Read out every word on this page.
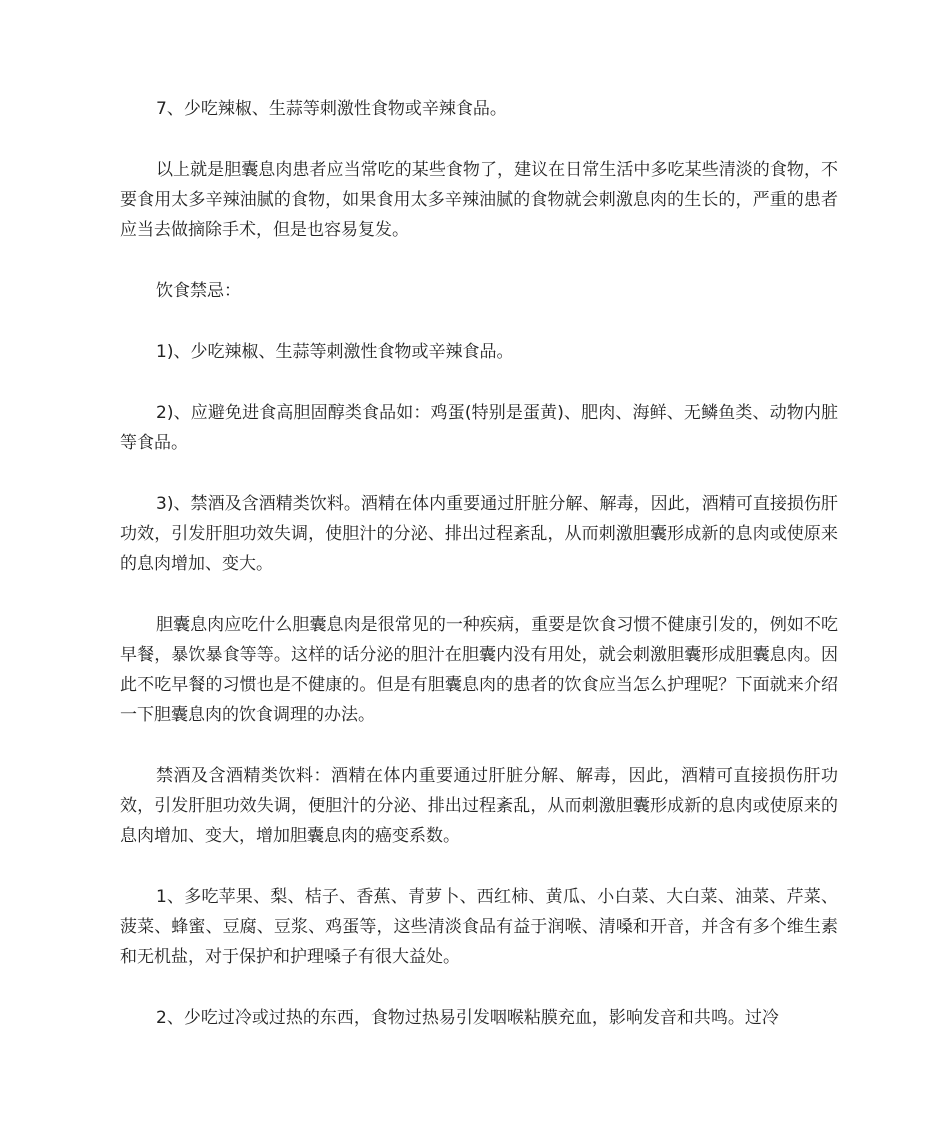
7、少吃辣椒、生蒜等刺激性食物或辛辣食品。

以上就是胆囊息肉患者应当常吃的某些食物了，建议在日常生活中多吃某些清淡的食物，不要食用太多辛辣油腻的食物，如果食用太多辛辣油腻的食物就会刺激息肉的生长的，严重的患者应当去做摘除手术，但是也容易复发。

饮食禁忌：

1)、少吃辣椒、生蒜等刺激性食物或辛辣食品。

2)、应避免进食高胆固醇类食品如：鸡蛋(特别是蛋黄)、肥肉、海鲜、无鳞鱼类、动物内脏等食品。

3)、禁酒及含酒精类饮料。酒精在体内重要通过肝脏分解、解毒，因此，酒精可直接损伤肝功效，引发肝胆功效失调，使胆汁的分泌、排出过程紊乱，从而刺激胆囊形成新的息肉或使原来的息肉增加、变大。

胆囊息肉应吃什么胆囊息肉是很常见的一种疾病，重要是饮食习惯不健康引发的，例如不吃早餐，暴饮暴食等等。这样的话分泌的胆汁在胆囊内没有用处，就会刺激胆囊形成胆囊息肉。因此不吃早餐的习惯也是不健康的。但是有胆囊息肉的患者的饮食应当怎么护理呢？下面就来介绍一下胆囊息肉的饮食调理的办法。

禁酒及含酒精类饮料：酒精在体内重要通过肝脏分解、解毒，因此，酒精可直接损伤肝功效，引发肝胆功效失调，便胆汁的分泌、排出过程紊乱，从而刺激胆囊形成新的息肉或使原来的息肉增加、变大，增加胆囊息肉的癌变系数。

1、多吃苹果、梨、桔子、香蕉、青萝卜、西红柿、黄瓜、小白菜、大白菜、油菜、芹菜、菠菜、蜂蜜、豆腐、豆浆、鸡蛋等，这些清淡食品有益于润喉、清嗓和开音，并含有多个维生素和无机盐，对于保护和护理嗓子有很大益处。

2、少吃过冷或过热的东西，食物过热易引发咽喉粘膜充血，影响发音和共鸣。过冷
